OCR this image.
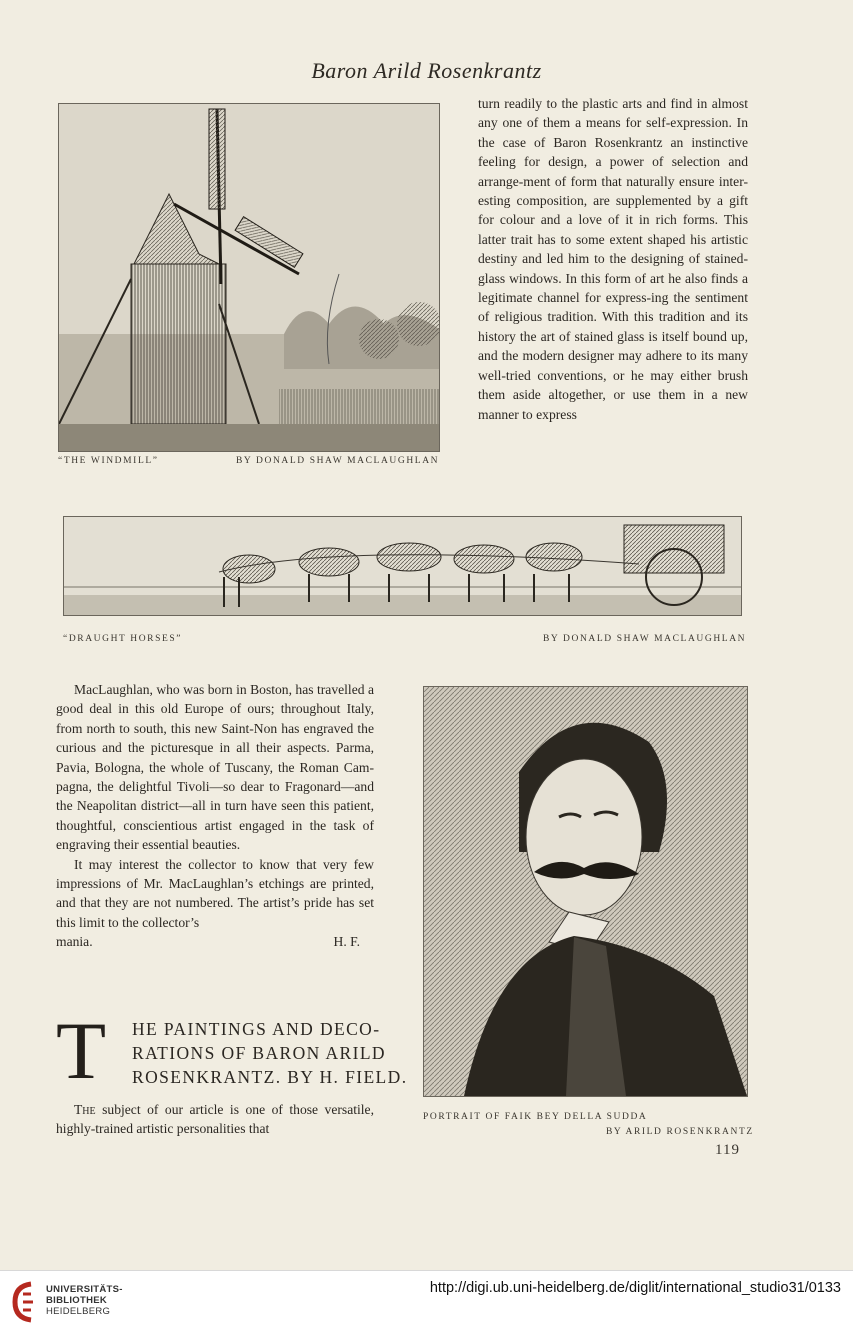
Baron Arild Rosenkrantz
“THE WINDMILL”	BY DONALD SHAW MACLAUGHLAN

turn readily to the plastic arts and find in almost any one of them a means for self-expression. In the case of Baron Rosenkrantz an instinctive feeling for design, a power of selection and arrange-ment of form that naturally ensure inter-esting composition, are supplemented by a gift for colour and a love of it in rich forms. This latter trait has to some extent shaped his artistic destiny and led him to the designing of stained-glass windows. In this form of art he also finds a legitimate channel for express-ing the sentiment of religious tradition. With this tradition and its history the art of stained glass is itself bound up, and the modern designer may adhere to its many well-tried conventions, or he may either brush them aside altogether, or use them in a new manner to express

“DRAUGHT HORSES”	BY DONALD SHAW MACLAUGHLAN

MacLaughlan, who was born in Boston, has travelled a good deal in this old Europe of ours; throughout Italy, from north to south, this new Saint-Non has engraved the curious and the picturesque in all their aspects. Parma, Pavia, Bologna, the whole of Tuscany, the Roman Cam-pagna, the delightful Tivoli—so dear to Fragonard—and the Neapolitan district—all in turn have seen this patient, thoughtful, conscientious artist engaged in the task of engraving their essential beauties.

It may interest the collector to know that very few impressions of Mr. MacLaughlan’s etchings are printed, and that they are not numbered. The artist’s pride has set this limit to the collector’s

mania.	H. F.
PORTRAIT OF FAIK BEY DELLA SUDDA
BY ARILD ROSENKRANTZ
T HE PAINTINGS AND DECO-
RATIONS OF BARON ARILD
ROSENKRANTZ. BY H. FIELD.
The subject of our article is one of those versatile, highly-trained artistic personalities that
119
UNIVERSITÄTS-
BIBLIOTHEK
HEIDELBERG
http://digi.ub.uni-heidelberg.de/diglit/international_studio31/0133
